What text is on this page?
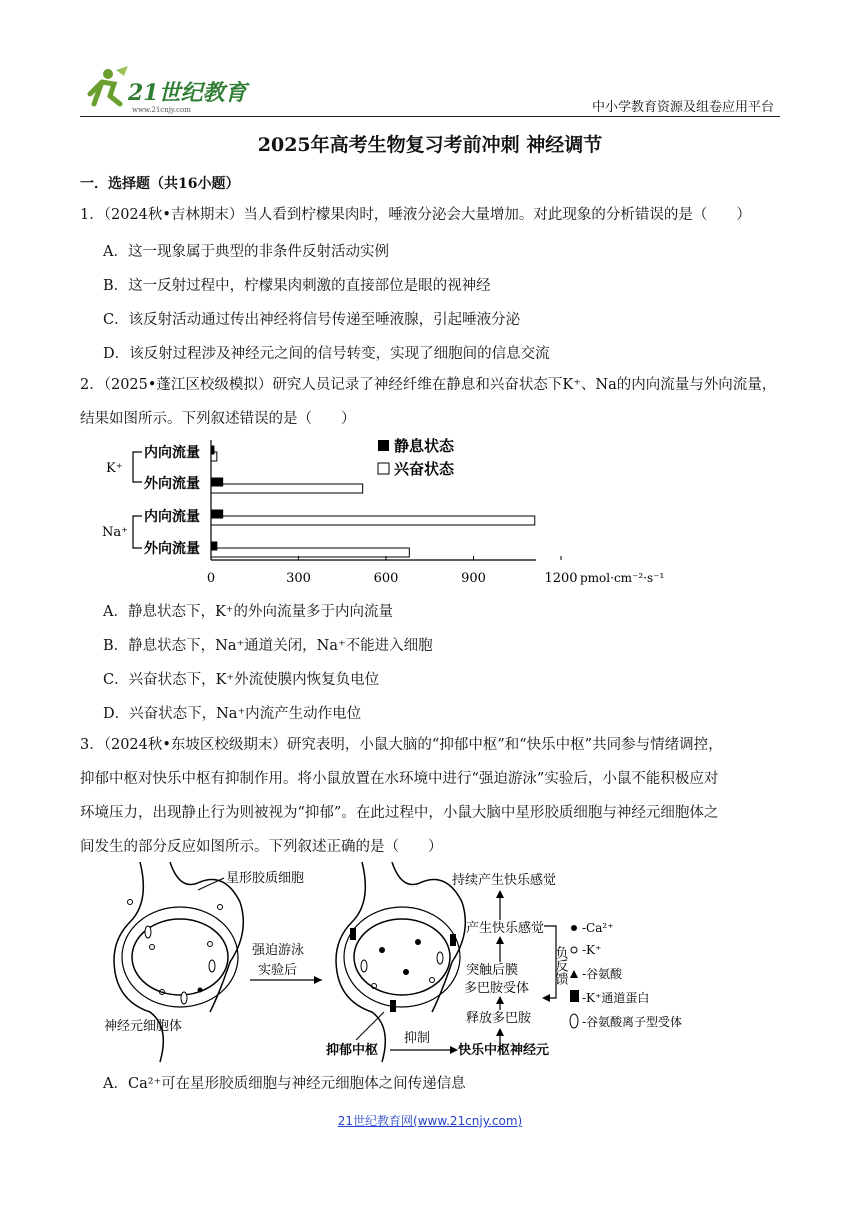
21世纪教育
www.21cnjy.com	中小学教育资源及组卷应用平台
2025年高考生物复习考前冲刺 神经调节
一．选择题（共16小题）
1．（2024秋•吉林期末）当人看到柠檬果肉时，唾液分泌会大量增加。对此现象的分析错误的是（　　）
A．这一现象属于典型的非条件反射活动实例
B．这一反射过程中，柠檬果肉刺激的直接部位是眼的视神经
C．该反射活动通过传出神经将信号传递至唾液腺，引起唾液分泌
D．该反射过程涉及神经元之间的信号转变，实现了细胞间的信息交流
2．（2025•蓬江区校级模拟）研究人员记录了神经纤维在静息和兴奋状态下K⁺、Na的内向流量与外向流量，
结果如图所示。下列叙述错误的是（　　）
K⁺
Na⁺
内向流量
外向流量
内向流量
外向流量
0	300	600	900	1200 pmol·cm⁻²·s⁻¹
静息状态
兴奋状态
A．静息状态下，K⁺的外向流量多于内向流量
B．静息状态下，Na⁺通道关闭，Na⁺不能进入细胞
C．兴奋状态下，K⁺外流使膜内恢复负电位
D．兴奋状态下，Na⁺内流产生动作电位
3．（2024秋•东坡区校级期末）研究表明，小鼠大脑的“抑郁中枢”和“快乐中枢”共同参与情绪调控，
抑郁中枢对快乐中枢有抑制作用。将小鼠放置在水环境中进行“强迫游泳”实验后，小鼠不能积极应对
环境压力，出现静止行为则被视为“抑郁”。在此过程中，小鼠大脑中星形胶质细胞与神经元细胞体之
间发生的部分反应如图所示。下列叙述正确的是（　　）
星形胶质细胞
神经元细胞体
强迫游泳
实验后
持续产生快乐感觉
产生快乐感觉
突触后膜
多巴胺受体
释放多巴胺
负反馈
抑郁中枢
抑制
快乐中枢神经元
-Ca²⁺
-K⁺
-谷氨酸
-K⁺通道蛋白
-谷氨酸离子型受体
A．Ca²⁺可在星形胶质细胞与神经元细胞体之间传递信息
21世纪教育网(www.21cnjy.com)
